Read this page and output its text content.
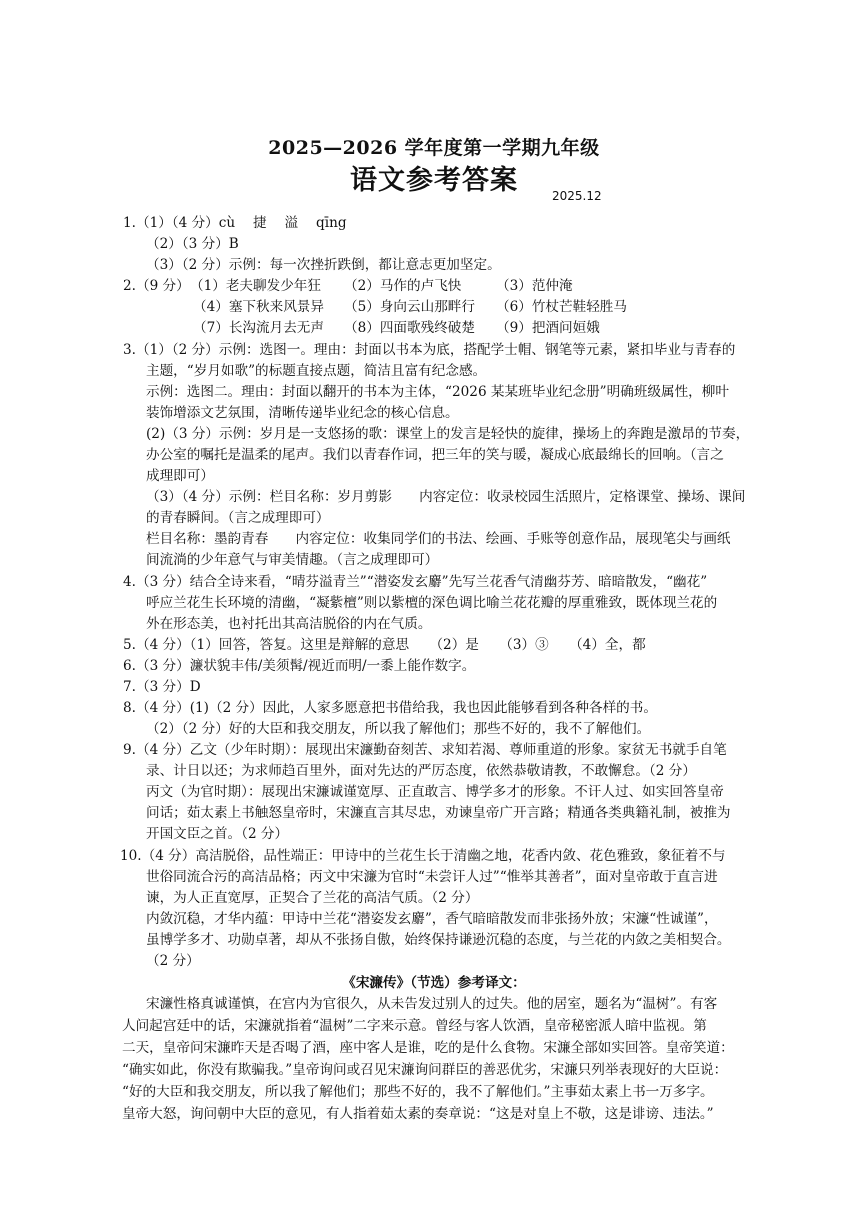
2025—2026 学年度第一学期九年级
语文参考答案	2025.12
1.（1）（4 分）cù　 捷　 溢　 qīng
（2）（3 分）B
（3）（2 分）示例：每一次挫折跌倒，都让意志更加坚定。
2.（9 分） （1）老夫聊发少年狂 （2）马作的卢飞快	（3）范仲淹
（4）塞下秋来风景异 （5）身向云山那畔行 （6）竹杖芒鞋轻胜马
（7）长沟流月去无声 （8）四面歌残终破楚 （9）把酒问姮娥
3.（1）（2 分）示例：选图一。理由：封面以书本为底，搭配学士帽、钢笔等元素，紧扣毕业与青春的
主题，“岁月如歌”的标题直接点题，简洁且富有纪念感。
示例：选图二。理由：封面以翻开的书本为主体，“2026 某某班毕业纪念册”明确班级属性，柳叶
装饰增添文艺氛围，清晰传递毕业纪念的核心信息。
(2)（3 分）示例：岁月是一支悠扬的歌：课堂上的发言是轻快的旋律，操场上的奔跑是激昂的节奏，
办公室的嘱托是温柔的尾声。我们以青春作词，把三年的笑与暖，凝成心底最绵长的回响。（言之
成理即可）
（3）（4 分）示例：栏目名称：岁月剪影　　内容定位：收录校园生活照片，定格课堂、操场、课间
的青春瞬间。（言之成理即可）
栏目名称：墨韵青春　　内容定位：收集同学们的书法、绘画、手账等创意作品，展现笔尖与画纸
间流淌的少年意气与审美情趣。（言之成理即可）
4.（3 分）结合全诗来看，“晴芬溢青兰”“潜姿发玄麝”先写兰花香气清幽芬芳、暗暗散发，“幽花”
呼应兰花生长环境的清幽，“凝紫檀”则以紫檀的深色调比喻兰花花瓣的厚重雅致，既体现兰花的
外在形态美，也衬托出其高洁脱俗的内在气质。
5.（4 分）（1）回答，答复。这里是辩解的意思　　（2）是　　（3）③　　（4）全，都
6.（3 分）濂状貌丰伟/美须髯/视近而明/一黍上能作数字。
7.（3 分）D
8.（4 分）(1)（2 分）因此，人家多愿意把书借给我，我也因此能够看到各种各样的书。
（2）（2 分）好的大臣和我交朋友，所以我了解他们；那些不好的，我不了解他们。
9.（4 分）乙文（少年时期）：展现出宋濂勤奋刻苦、求知若渴、尊师重道的形象。家贫无书就手自笔
录、计日以还；为求师趋百里外，面对先达的严厉态度，依然恭敬请教，不敢懈怠。（2 分）
丙文（为官时期）：展现出宋濂诚谨宽厚、正直敢言、博学多才的形象。不讦人过、如实回答皇帝
问话；茹太素上书触怒皇帝时，宋濂直言其尽忠，劝谏皇帝广开言路；精通各类典籍礼制，被推为
开国文臣之首。（2 分）
10.（4 分）高洁脱俗，品性端正：甲诗中的兰花生长于清幽之地，花香内敛、花色雅致，象征着不与
世俗同流合污的高洁品格；丙文中宋濂为官时“未尝讦人过”“惟举其善者”，面对皇帝敢于直言进
谏，为人正直宽厚，正契合了兰花的高洁气质。（2 分）
内敛沉稳，才华内蕴：甲诗中兰花“潜姿发玄麝”，香气暗暗散发而非张扬外放；宋濂“性诚谨”，
虽博学多才、功勋卓著，却从不张扬自傲，始终保持谦逊沉稳的态度，与兰花的内敛之美相契合。
（2 分）
《宋濂传》（节选）参考译文：
宋濂性格真诚谨慎，在宫内为官很久，从未告发过别人的过失。他的居室，题名为“温树”。有客
人问起宫廷中的话，宋濂就指着“温树”二字来示意。曾经与客人饮酒，皇帝秘密派人暗中监视。第
二天，皇帝问宋濂昨天是否喝了酒，座中客人是谁，吃的是什么食物。宋濂全部如实回答。皇帝笑道：
“确实如此，你没有欺骗我。”皇帝询问或召见宋濂询问群臣的善恶优劣，宋濂只列举表现好的大臣说：
“好的大臣和我交朋友，所以我了解他们；那些不好的，我不了解他们。”主事茹太素上书一万多字。
皇帝大怒，询问朝中大臣的意见，有人指着茹太素的奏章说：“这是对皇上不敬，这是诽谤、违法。”
